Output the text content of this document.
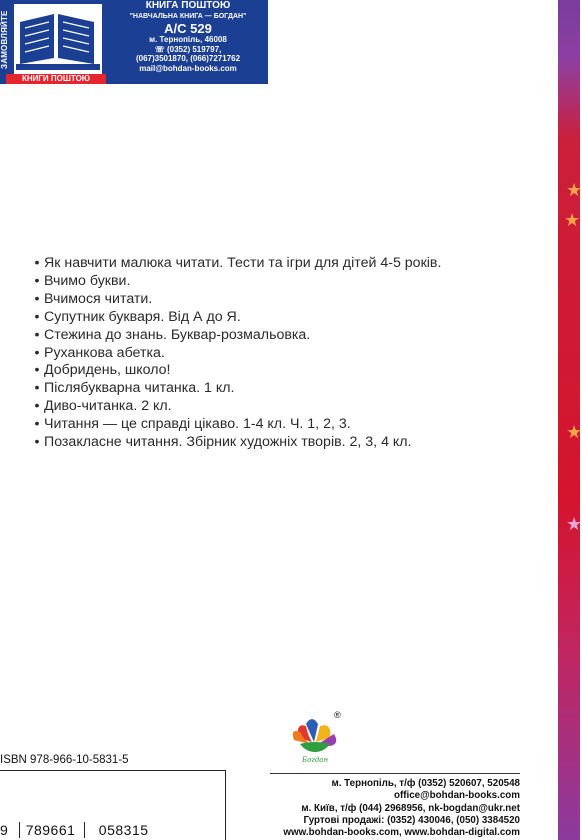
★
★
★
★
ЗАМОВЛЯЙТЕ
КНИГИ ПОШТОЮ
КНИГА ПОШТОЮ
"НАВЧАЛЬНА КНИГА — БОГДАН"
А/С 529
м. Тернопіль, 46008
☏ (0352) 519797,
(067)3501870, (066)7271762
mail@bohdan-books.com
• Як навчити малюка читати. Тести та ігри для дітей 4-5 років.
• Вчимо букви.
• Вчимося читати.
• Супутник букваря. Від А до Я.
• Стежина до знань. Буквар-розмальовка.
• Руханкова абетка.
• Добридень, школо!
• Післябукварна читанка. 1 кл.
• Диво-читанка. 2 кл.
• Читання — це справді цікаво. 1-4 кл. Ч. 1, 2, 3.
• Позакласне читання. Збірник художніх творів. 2, 3, 4 кл.
Богдан
®
ISBN 978-966-10-5831-5
9 789661 058315
м. Тернопіль, т/ф (0352) 520607, 520548
office@bohdan-books.com
м. Київ, т/ф (044) 2968956, nk-bogdan@ukr.net
Гуртові продажі: (0352) 430046, (050) 3384520
www.bohdan-books.com, www.bohdan-digital.com
